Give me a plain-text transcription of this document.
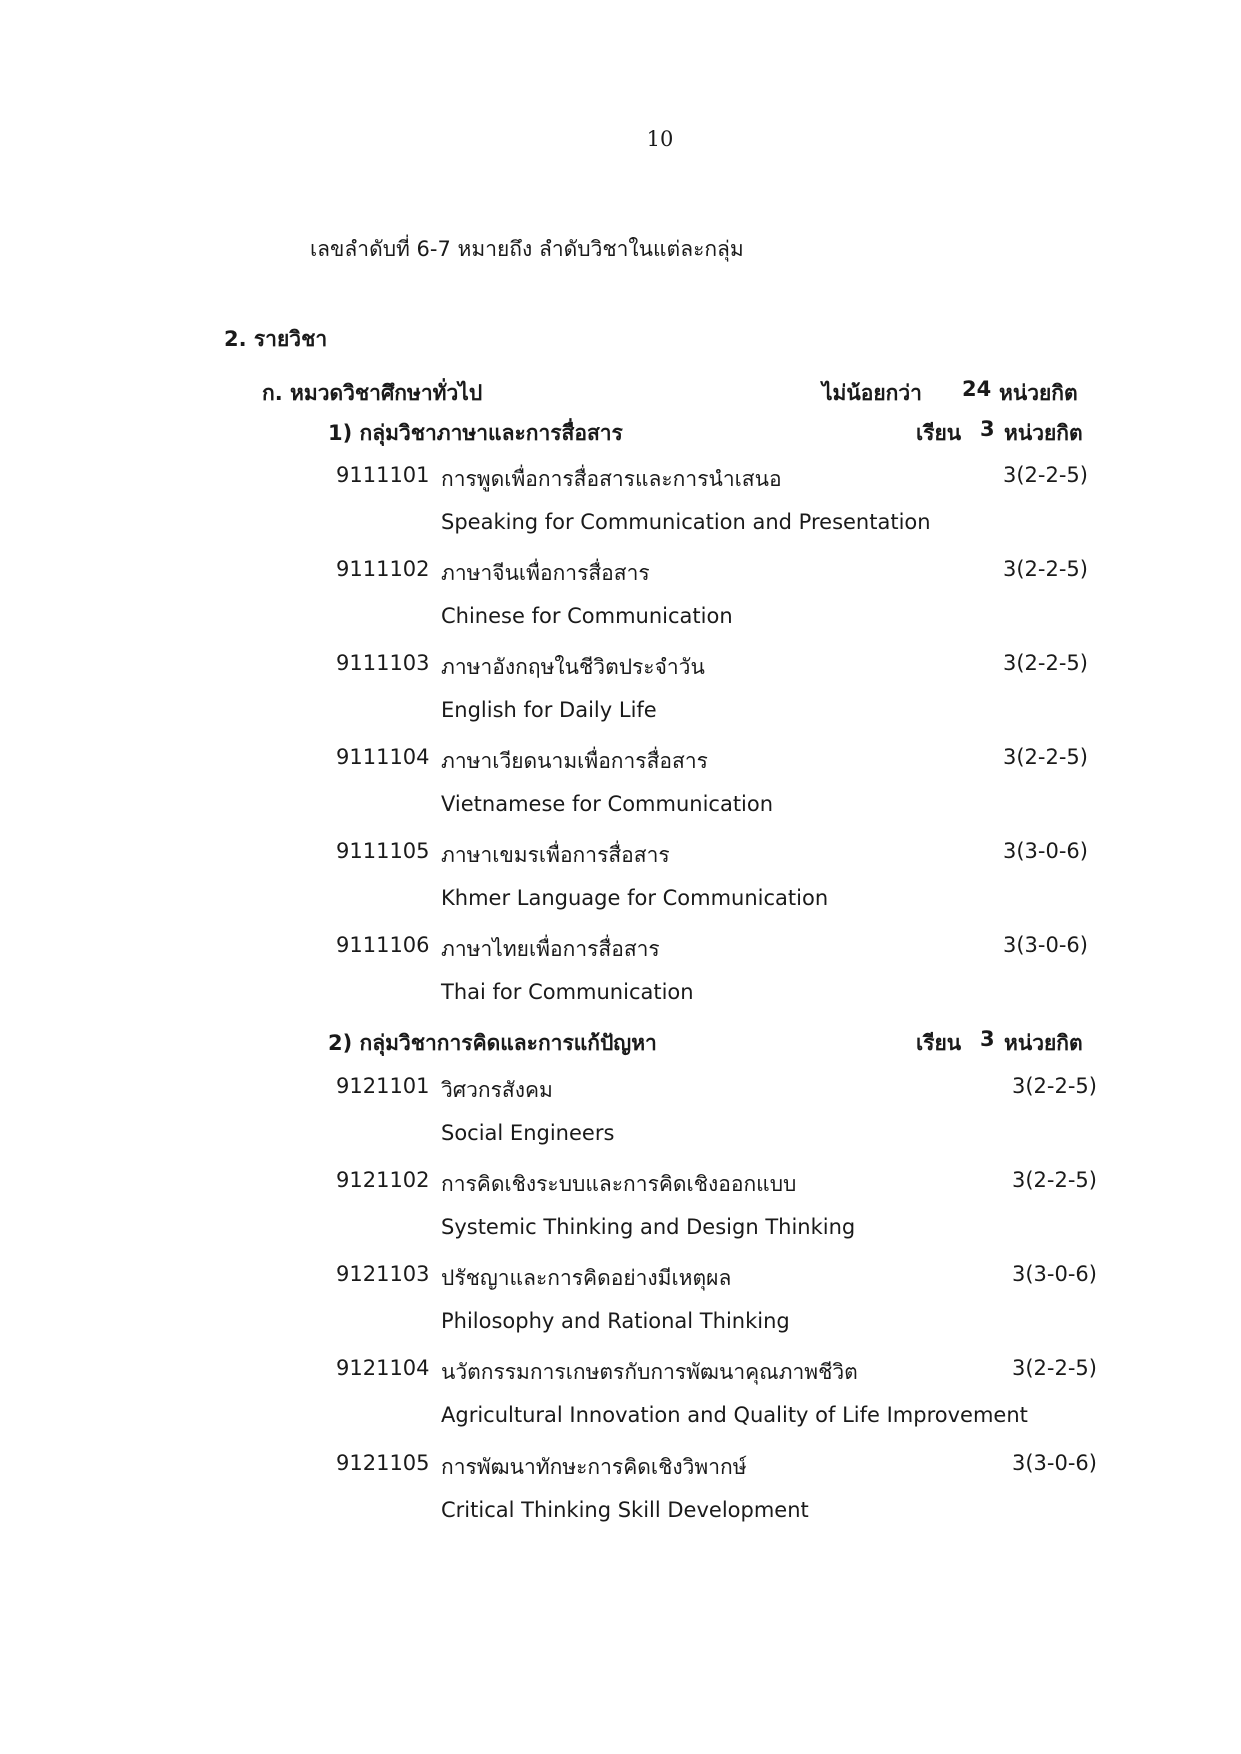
10
เลขลำดับที่ 6-7 หมายถึง ลำดับวิชาในแต่ละกลุ่ม
2. รายวิชา
ก. หมวดวิชาศึกษาทั่วไป	ไม่น้อยกว่า 24 หน่วยกิต
1) กลุ่มวิชาภาษาและการสื่อสาร	เรียน 3 หน่วยกิต
9111101 การพูดเพื่อการสื่อสารและการนำเสนอ	3(2-2-5)
Speaking for Communication and Presentation
9111102 ภาษาจีนเพื่อการสื่อสาร	3(2-2-5)
Chinese for Communication
9111103 ภาษาอังกฤษในชีวิตประจำวัน	3(2-2-5)
English for Daily Life
9111104 ภาษาเวียดนามเพื่อการสื่อสาร	3(2-2-5)
Vietnamese for Communication
9111105 ภาษาเขมรเพื่อการสื่อสาร	3(3-0-6)
Khmer Language for Communication
9111106 ภาษาไทยเพื่อการสื่อสาร	3(3-0-6)
Thai for Communication
2) กลุ่มวิชาการคิดและการแก้ปัญหา	เรียน 3 หน่วยกิต
9121101 วิศวกรสังคม	3(2-2-5)
Social Engineers
9121102 การคิดเชิงระบบและการคิดเชิงออกแบบ	3(2-2-5)
Systemic Thinking and Design Thinking
9121103 ปรัชญาและการคิดอย่างมีเหตุผล	3(3-0-6)
Philosophy and Rational Thinking
9121104 นวัตกรรมการเกษตรกับการพัฒนาคุณภาพชีวิต	3(2-2-5)
Agricultural Innovation and Quality of Life Improvement
9121105 การพัฒนาทักษะการคิดเชิงวิพากษ์	3(3-0-6)
Critical Thinking Skill Development
